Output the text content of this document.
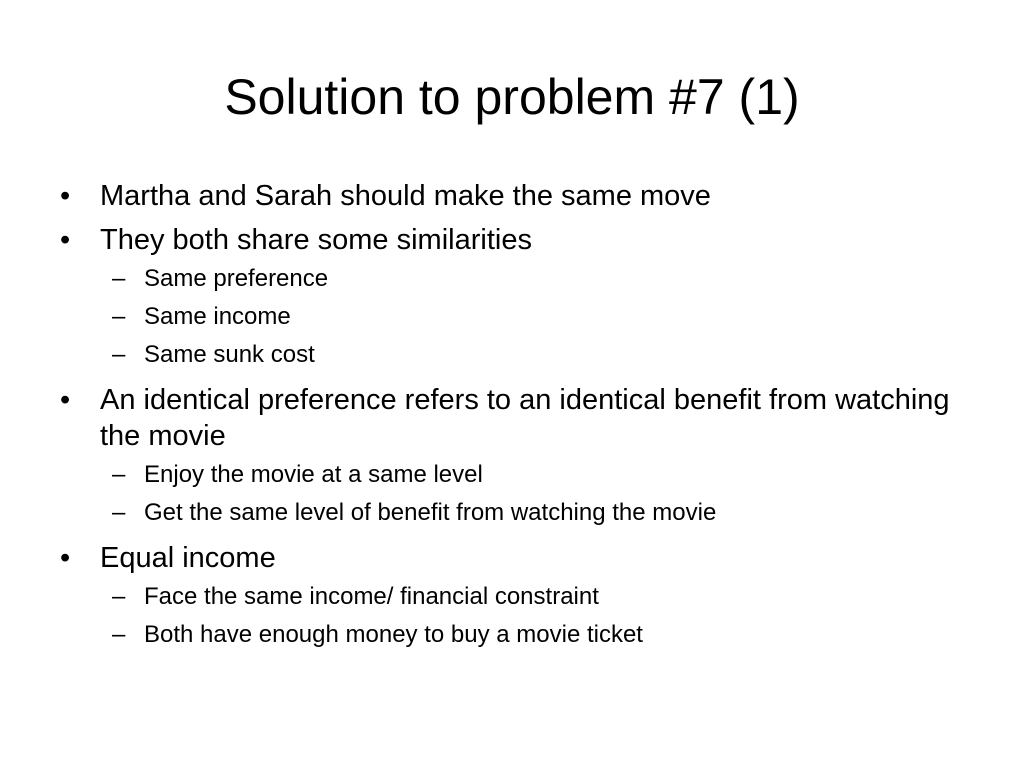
Solution to problem #7 (1)
•	Martha and Sarah should make the same move
•	They both share some similarities
– Same preference
– Same income
– Same sunk cost
•	An identical preference refers to an identical benefit from watching the movie
– Enjoy the movie at a same level
– Get the same level of benefit from watching the movie
•	Equal income
– Face the same income/ financial constraint
– Both have enough money to buy a movie ticket
